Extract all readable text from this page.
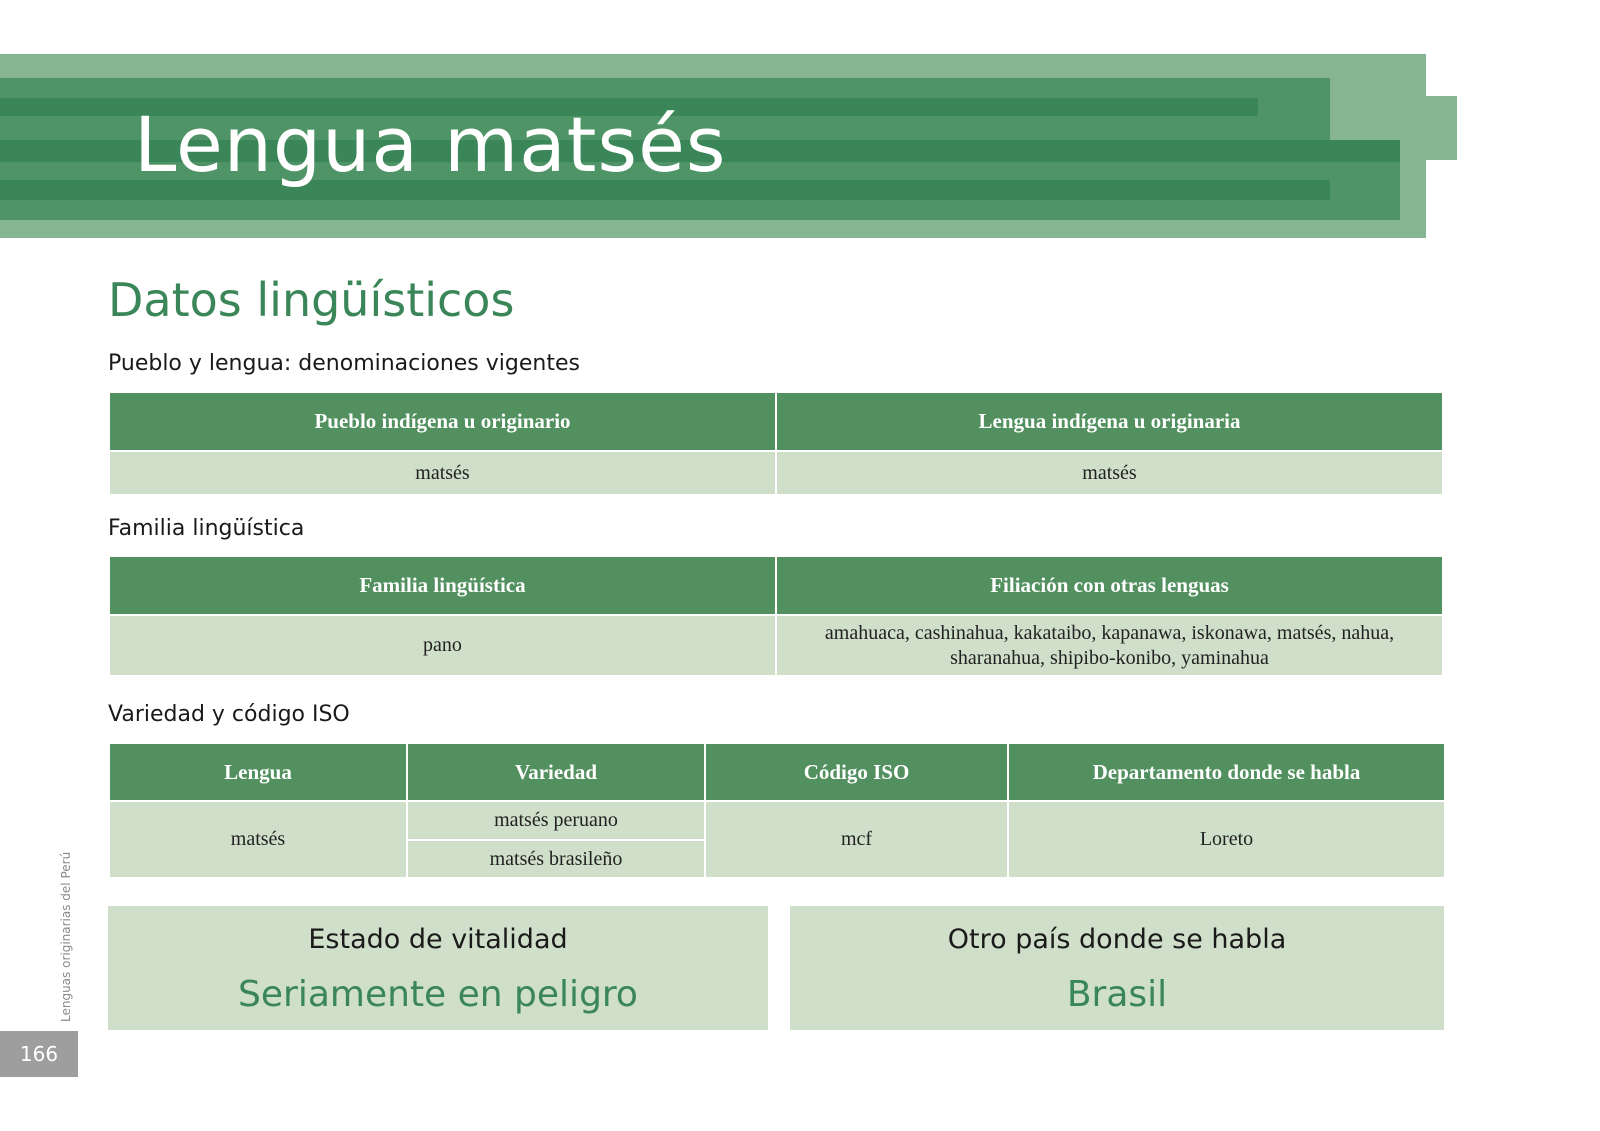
Lengua matsés
Datos lingüísticos
Pueblo y lengua: denominaciones vigentes
Pueblo indígena u originario	Lengua indígena u originaria
matsés	matsés
Familia lingüística
Familia lingüística	Filiación con otras lenguas
pano	amahuaca, cashinahua, kakataibo, kapanawa, iskonawa, matsés, nahua, sharanahua, shipibo-konibo, yaminahua
Variedad y código ISO
Lengua	Variedad	Código ISO	Departamento donde se habla
matsés	matsés peruano	mcf	Loreto
	matsés brasileño		
Estado de vitalidad
Seriamente en peligro
Otro país donde se habla
Brasil
Lenguas originarias del Perú
166
